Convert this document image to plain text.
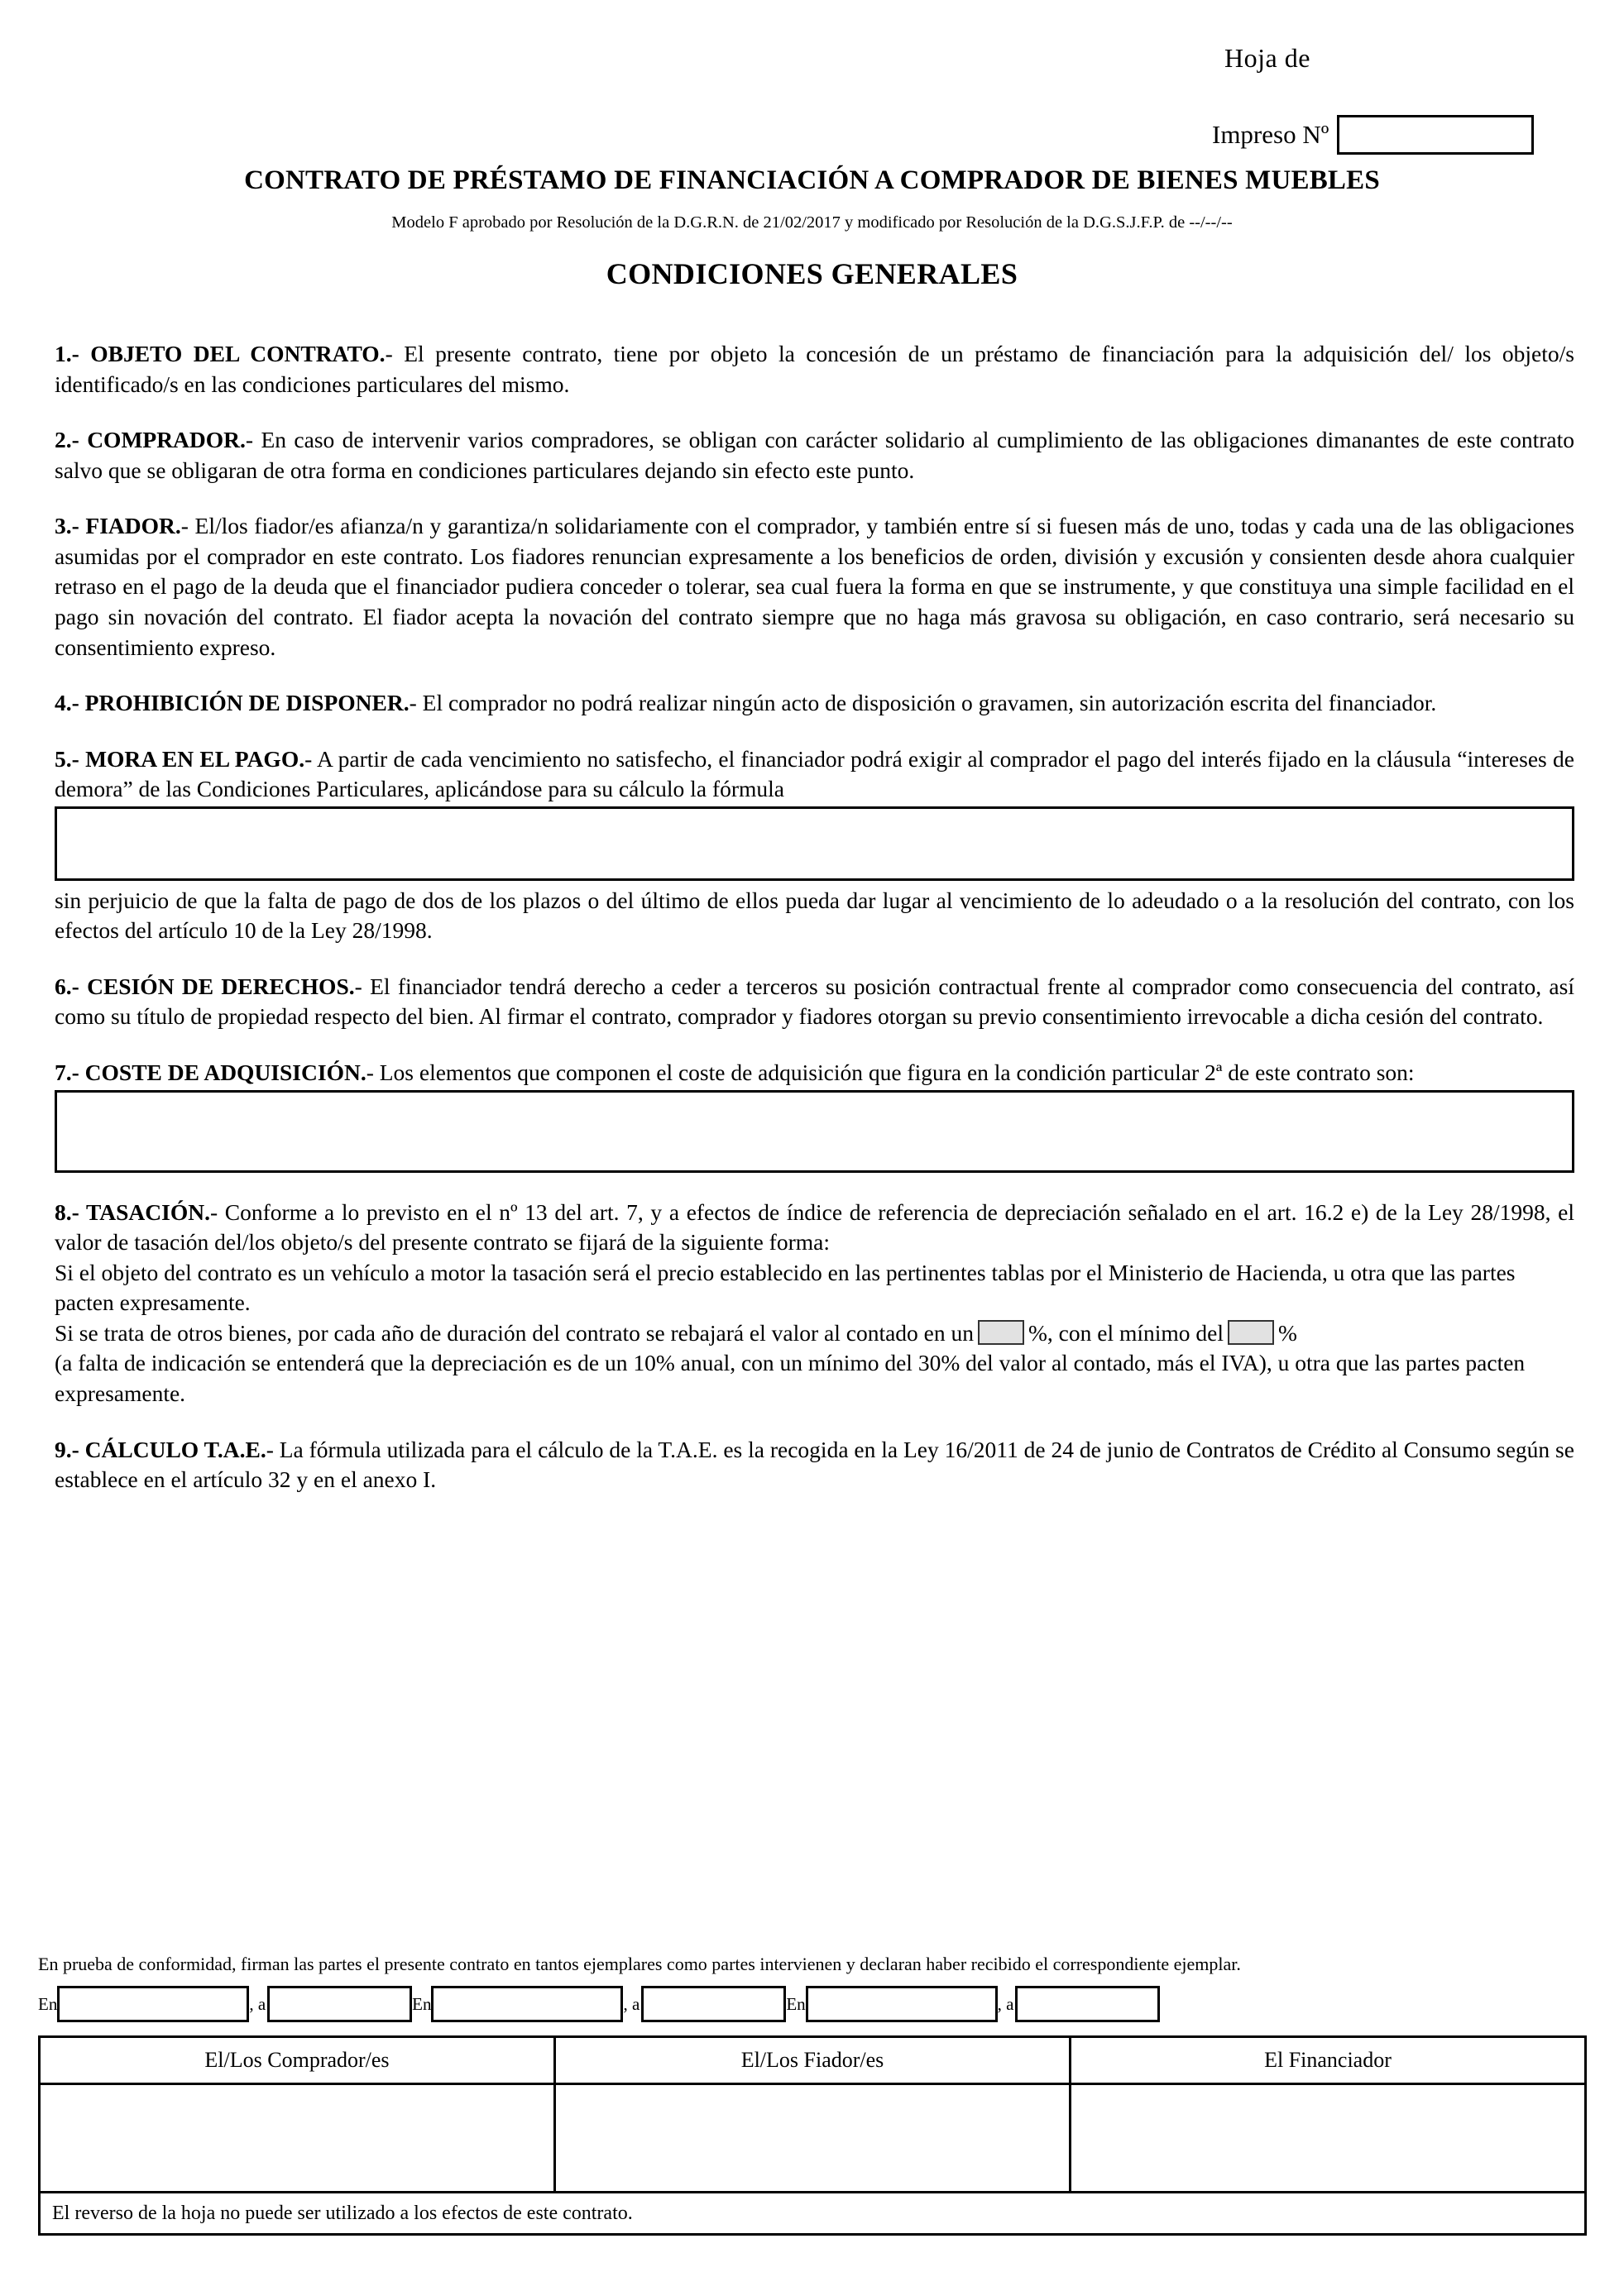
Hoja de
Impreso Nº
CONTRATO DE PRÉSTAMO DE FINANCIACIÓN A COMPRADOR DE BIENES MUEBLES
Modelo F aprobado por Resolución de la D.G.R.N. de 21/02/2017 y modificado por Resolución de la D.G.S.J.F.P. de --/--/--
CONDICIONES GENERALES

1.- OBJETO DEL CONTRATO.- El presente contrato, tiene por objeto la concesión de un préstamo de financiación para la adquisición del/ los objeto/s identificado/s en las condiciones particulares del mismo.

2.- COMPRADOR.- En caso de intervenir varios compradores, se obligan con carácter solidario al cumplimiento de las obligaciones dimanantes de este contrato salvo que se obligaran de otra forma en condiciones particulares dejando sin efecto este punto.

3.- FIADOR.- El/los fiador/es afianza/n y garantiza/n solidariamente con el comprador, y también entre sí si fuesen más de uno, todas y cada una de las obligaciones asumidas por el comprador en este contrato. Los fiadores renuncian expresamente a los beneficios de orden, división y excusión y consienten desde ahora cualquier retraso en el pago de la deuda que el financiador pudiera conceder o tolerar, sea cual fuera la forma en que se instrumente, y que constituya una simple facilidad en el pago sin novación del contrato. El fiador acepta la novación del contrato siempre que no haga más gravosa su obligación, en caso contrario, será necesario su consentimiento expreso.

4.- PROHIBICIÓN DE DISPONER.- El comprador no podrá realizar ningún acto de disposición o gravamen, sin autorización escrita del financiador.

5.- MORA EN EL PAGO.- A partir de cada vencimiento no satisfecho, el financiador podrá exigir al comprador el pago del interés fijado en la cláusula “intereses de demora” de las Condiciones Particulares, aplicándose para su cálculo la fórmula

sin perjuicio de que la falta de pago de dos de los plazos o del último de ellos pueda dar lugar al vencimiento de lo adeudado o a la resolución del contrato, con los efectos del artículo 10 de la Ley 28/1998.

6.- CESIÓN DE DERECHOS.- El financiador tendrá derecho a ceder a terceros su posición contractual frente al comprador como consecuencia del contrato, así como su título de propiedad respecto del bien. Al firmar el contrato, comprador y fiadores otorgan su previo consentimiento irrevocable a dicha cesión del contrato.

7.- COSTE DE ADQUISICIÓN.- Los elementos que componen el coste de adquisición que figura en la condición particular 2ª de este contrato son:

8.- TASACIÓN.- Conforme a lo previsto en el nº 13 del art. 7, y a efectos de índice de referencia de depreciación señalado en el art. 16.2 e) de la Ley 28/1998, el valor de tasación del/los objeto/s del presente contrato se fijará de la siguiente forma:

Si el objeto del contrato es un vehículo a motor la tasación será el precio establecido en las pertinentes tablas por el Ministerio de Hacienda, u otra que las partes pacten expresamente.

Si se trata de otros bienes, por cada año de duración del contrato se rebajará el valor al contado en un %, con el mínimo del %

(a falta de indicación se entenderá que la depreciación es de un 10% anual, con un mínimo del 30% del valor al contado, más el IVA), u otra que las partes pacten expresamente.

9.- CÁLCULO T.A.E.- La fórmula utilizada para el cálculo de la T.A.E. es la recogida en la Ley 16/2011 de 24 de junio de Contratos de Crédito al Consumo según se establece en el artículo 32 y en el anexo I.

En prueba de conformidad, firman las partes el presente contrato en tantos ejemplares como partes intervienen y declaran haber recibido el correspondiente ejemplar.

En	, a	En	, a	En	, a
El/Los Comprador/es	El/Los Fiador/es	El Financiador

El reverso de la hoja no puede ser utilizado a los efectos de este contrato.		
